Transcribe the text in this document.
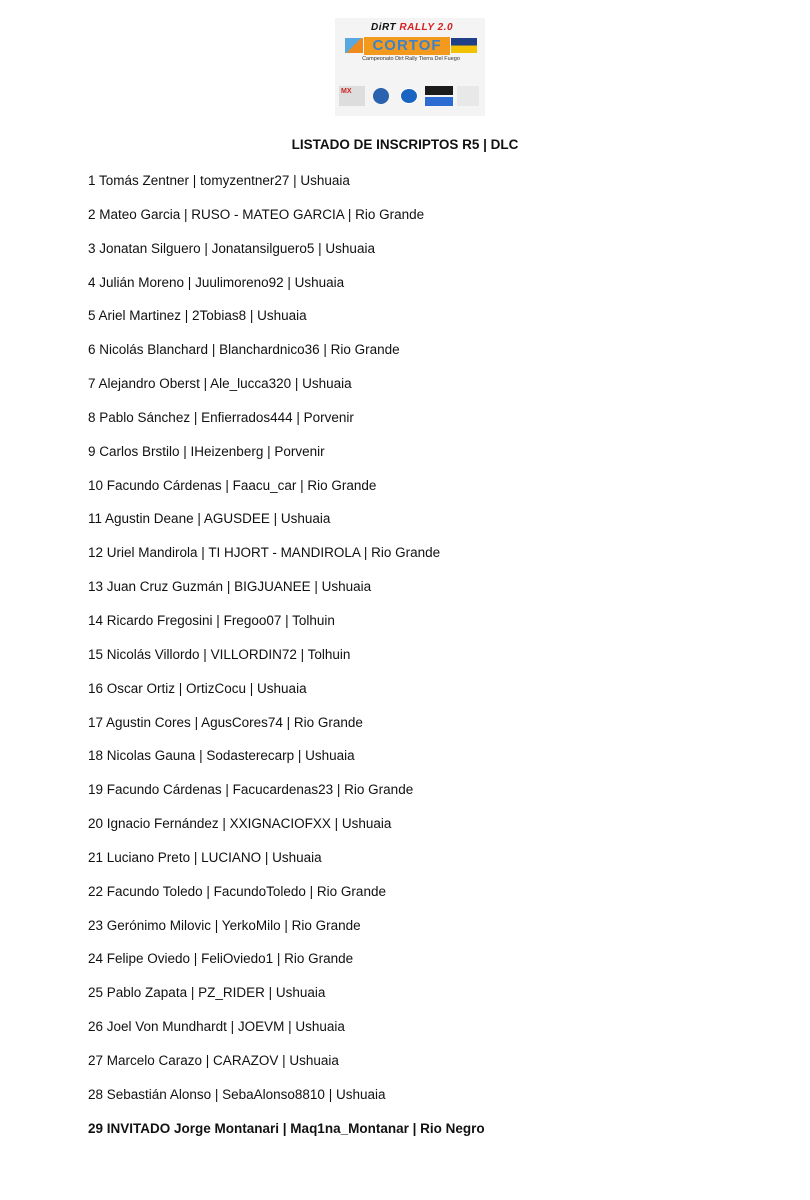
DiRT RALLY 2.0
CORTOF
Campeonato Dirt Rally Tierra Del Fuego
MX
LISTADO DE INSCRIPTOS R5 | DLC
1 Tomás Zentner | tomyzentner27 | Ushuaia
2 Mateo Garcia | RUSO - MATEO GARCIA | Rio Grande
3 Jonatan Silguero | Jonatansilguero5 | Ushuaia
4 Julián Moreno | Juulimoreno92 | Ushuaia
5 Ariel Martinez | 2Tobias8 | Ushuaia
6 Nicolás Blanchard | Blanchardnico36 | Rio Grande
7 Alejandro Oberst | Ale_lucca320 | Ushuaia
8 Pablo Sánchez | Enfierrados444 | Porvenir
9 Carlos Brstilo | IHeizenberg | Porvenir
10 Facundo Cárdenas | Faacu_car | Rio Grande
11 Agustin Deane | AGUSDEE | Ushuaia
12 Uriel Mandirola | TI HJORT - MANDIROLA | Rio Grande
13 Juan Cruz Guzmán | BIGJUANEE | Ushuaia
14 Ricardo Fregosini | Fregoo07 | Tolhuin
15 Nicolás Villordo | VILLORDIN72 | Tolhuin
16 Oscar Ortiz | OrtizCocu | Ushuaia
17 Agustin Cores | AgusCores74 | Rio Grande
18 Nicolas Gauna | Sodasterecarp | Ushuaia
19 Facundo Cárdenas | Facucardenas23 | Rio Grande
20 Ignacio Fernández | XXIGNACIOFXX | Ushuaia
21 Luciano Preto | LUCIANO | Ushuaia
22 Facundo Toledo | FacundoToledo | Rio Grande
23 Gerónimo Milovic | YerkoMilo | Rio Grande
24 Felipe Oviedo | FeliOviedo1 | Rio Grande
25 Pablo Zapata | PZ_RIDER | Ushuaia
26 Joel Von Mundhardt | JOEVM | Ushuaia
27 Marcelo Carazo | CARAZOV | Ushuaia
28 Sebastián Alonso | SebaAlonso8810 | Ushuaia
29 INVITADO Jorge Montanari | Maq1na_Montanar | Rio Negro
